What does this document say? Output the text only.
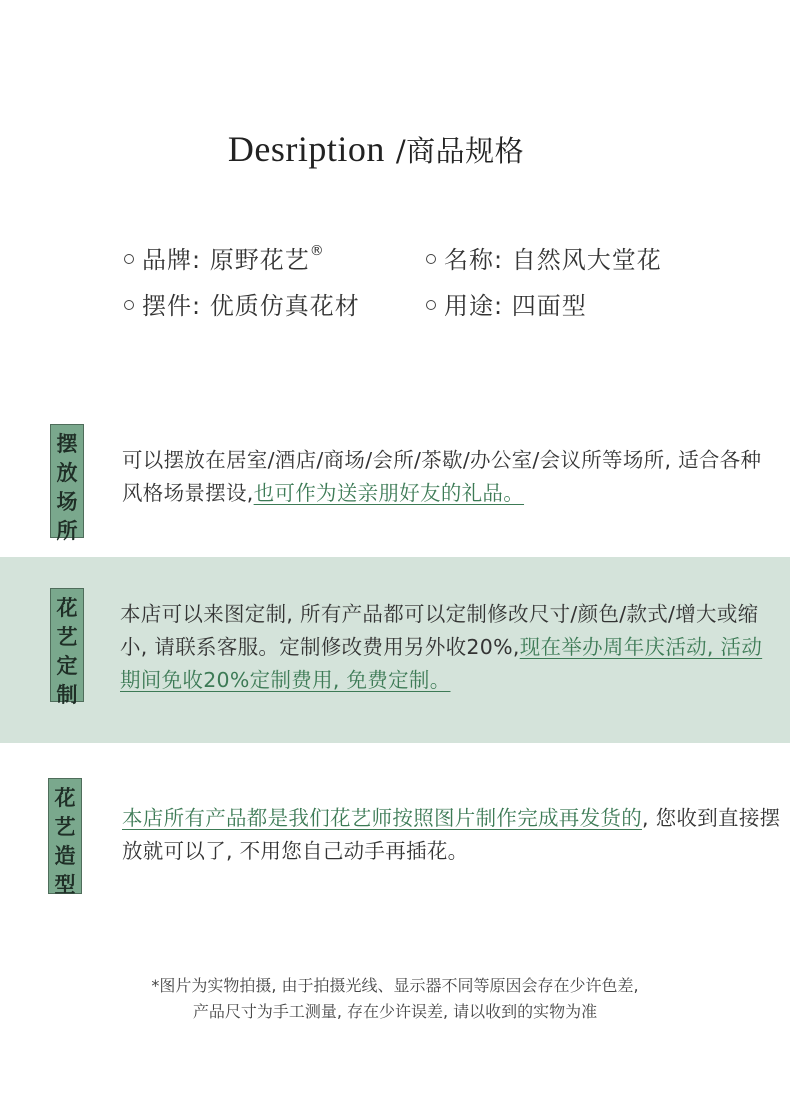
Desription /商品规格
品牌: 原野花艺®	名称: 自然风大堂花
摆件: 优质仿真花材	用途: 四面型
摆
放
场
所
可以摆放在居室/酒店/商场/会所/茶歇/办公室/会议所等场所, 适合各种风格场景摆设,也可作为送亲朋好友的礼品。
花
艺
定
制
本店可以来图定制, 所有产品都可以定制修改尺寸/颜色/款式/增大或缩小, 请联系客服。定制修改费用另外收20%,现在举办周年庆活动, 活动期间免收20%定制费用, 免费定制。
花
艺
造
型
本店所有产品都是我们花艺师按照图片制作完成再发货的, 您收到直接摆放就可以了, 不用您自己动手再插花。
*图片为实物拍摄, 由于拍摄光线、显示器不同等原因会存在少许色差,
产品尺寸为手工测量, 存在少许误差, 请以收到的实物为准
